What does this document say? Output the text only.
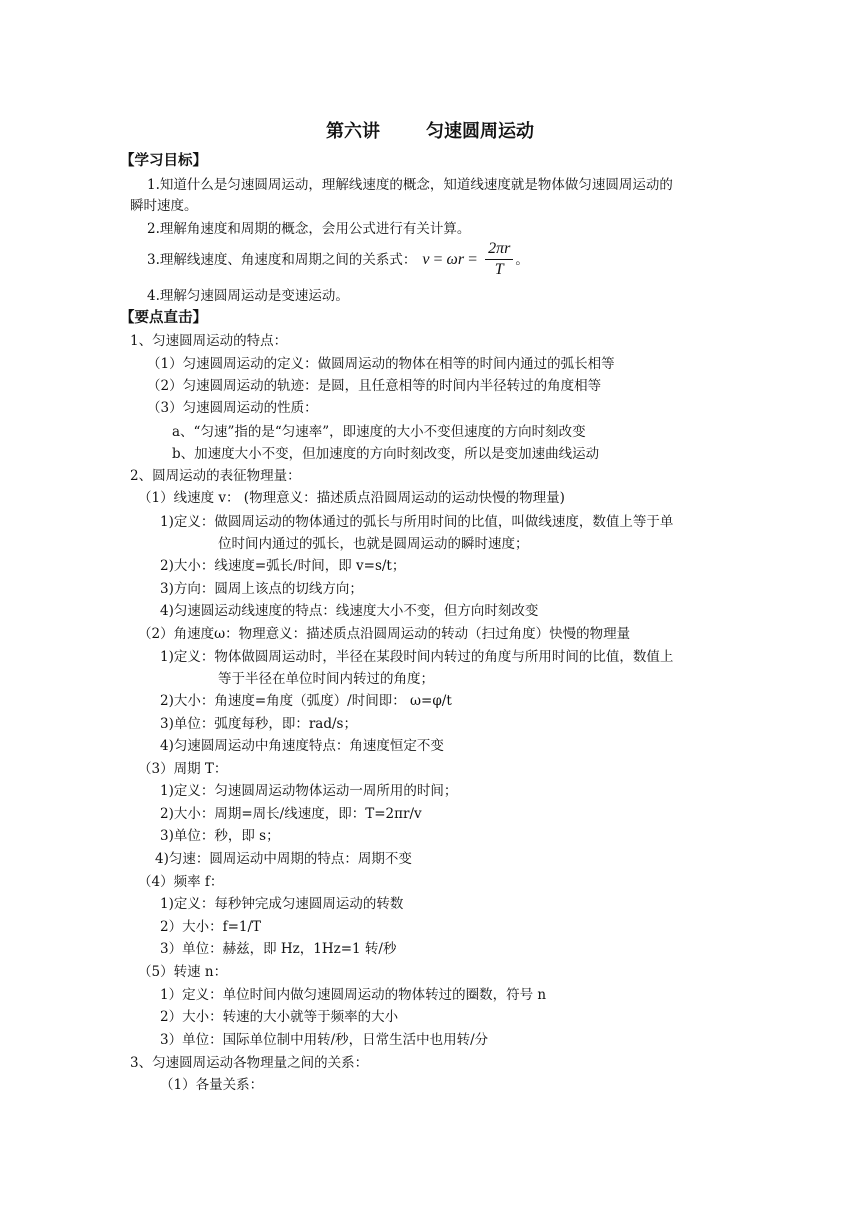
第六讲	匀速圆周运动
【学习目标】
1.知道什么是匀速圆周运动，理解线速度的概念，知道线速度就是物体做匀速圆周运动的
瞬时速度。
2.理解角速度和周期的概念，会用公式进行有关计算。
3.理解线速度、角速度和周期之间的关系式： $v = \omega r = \frac{2\pi r}{T}$ 。
4.理解匀速圆周运动是变速运动。
【要点直击】
1、匀速圆周运动的特点：
（1）匀速圆周运动的定义：做圆周运动的物体在相等的时间内通过的弧长相等
（2）匀速圆周运动的轨迹：是圆，且任意相等的时间内半径转过的角度相等
（3）匀速圆周运动的性质：
a、“匀速”指的是“匀速率”，即速度的大小不变但速度的方向时刻改变
b、加速度大小不变，但加速度的方向时刻改变，所以是变加速曲线运动
2、圆周运动的表征物理量：
（1）线速度 v： (物理意义：描述质点沿圆周运动的运动快慢的物理量)
1)定义：做圆周运动的物体通过的弧长与所用时间的比值，叫做线速度，数值上等于单
位时间内通过的弧长，也就是圆周运动的瞬时速度；
2)大小：线速度=弧长/时间，即 v=s/t；
3)方向：圆周上该点的切线方向；
4)匀速圆运动线速度的特点：线速度大小不变，但方向时刻改变
（2）角速度ω：物理意义：描述质点沿圆周运动的转动（扫过角度）快慢的物理量
1)定义：物体做圆周运动时，半径在某段时间内转过的角度与所用时间的比值，数值上
等于半径在单位时间内转过的角度；
2)大小：角速度=角度（弧度）/时间即： ω=φ/t
3)单位：弧度每秒，即：rad/s；
4)匀速圆周运动中角速度特点：角速度恒定不变
（3）周期 T：
1)定义：匀速圆周运动物体运动一周所用的时间；
2)大小：周期=周长/线速度，即：T=2πr/v
3)单位：秒，即 s；
4)匀速：圆周运动中周期的特点：周期不变
（4）频率 f：
1)定义：每秒钟完成匀速圆周运动的转数
2）大小：f=1/T
3）单位：赫兹，即 Hz，1Hz=1 转/秒
（5）转速 n：
1）定义：单位时间内做匀速圆周运动的物体转过的圈数，符号 n
2）大小：转速的大小就等于频率的大小
3）单位：国际单位制中用转/秒，日常生活中也用转/分
3、匀速圆周运动各物理量之间的关系：
（1）各量关系：
